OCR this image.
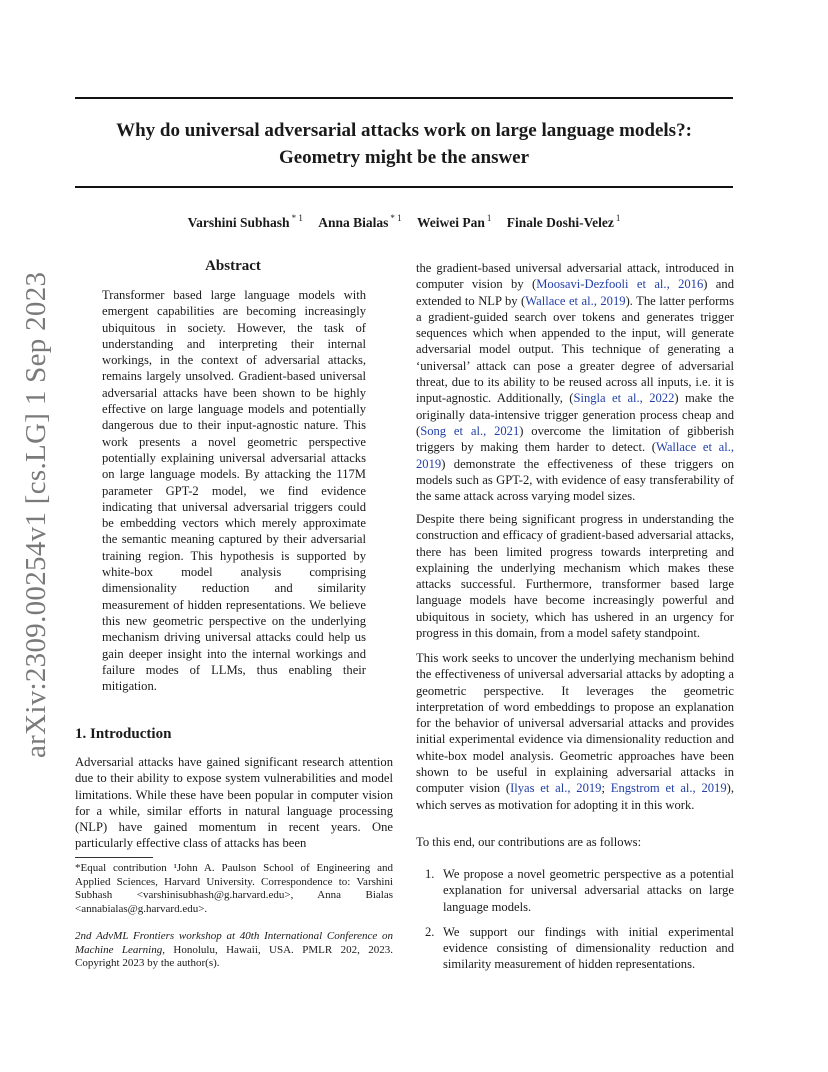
Why do universal adversarial attacks work on large language models?:
Geometry might be the answer
Varshini Subhash $^{* 1}$ Anna Bialas $^{* 1}$ Weiwei Pan $^1$ Finale Doshi-Velez $^1$
arXiv:2309.00254v1 [cs.LG] 1 Sep 2023
Abstract

Transformer based large language models with emergent capabilities are becoming increasingly ubiquitous in society. However, the task of understanding and interpreting their internal workings, in the context of adversarial attacks, remains largely unsolved. Gradient-based universal adversarial attacks have been shown to be highly effective on large language models and potentially dangerous due to their input-agnostic nature. This work presents a novel geometric perspective potentially explaining universal adversarial attacks on large language models. By attacking the 117M parameter GPT-2 model, we find evidence indicating that universal adversarial triggers could be embedding vectors which merely approximate the semantic meaning captured by their adversarial training region. This hypothesis is supported by white-box model analysis comprising dimensionality reduction and similarity measurement of hidden representations. We believe this new geometric perspective on the underlying mechanism driving universal attacks could help us gain deeper insight into the internal workings and failure modes of LLMs, thus enabling their mitigation.

1. Introduction

Adversarial attacks have gained significant research attention due to their ability to expose system vulnerabilities and model limitations. While these have been popular in computer vision for a while, similar efforts in natural language processing (NLP) have gained momentum in recent years. One particularly effective class of attacks has been

*Equal contribution ¹John A. Paulson School of Engineering and Applied Sciences, Harvard University. Correspondence to: Varshini Subhash <varshinisubhash@g.harvard.edu>, Anna Bialas <annabialas@g.harvard.edu>.

2nd AdvML Frontiers workshop at 40th International Conference on Machine Learning, Honolulu, Hawaii, USA. PMLR 202, 2023. Copyright 2023 by the author(s).

the gradient-based universal adversarial attack, introduced in computer vision by (Moosavi-Dezfooli et al., 2016) and extended to NLP by (Wallace et al., 2019). The latter performs a gradient-guided search over tokens and generates trigger sequences which when appended to the input, will generate adversarial model output. This technique of generating a ‘universal’ attack can pose a greater degree of adversarial threat, due to its ability to be reused across all inputs, i.e. it is input-agnostic. Additionally, (Singla et al., 2022) make the originally data-intensive trigger generation process cheap and (Song et al., 2021) overcome the limitation of gibberish triggers by making them harder to detect. (Wallace et al., 2019) demonstrate the effectiveness of these triggers on models such as GPT-2, with evidence of easy transferability of the same attack across varying model sizes.

Despite there being significant progress in understanding the construction and efficacy of gradient-based adversarial attacks, there has been limited progress towards interpreting and explaining the underlying mechanism which makes these attacks successful. Furthermore, transformer based large language models have become increasingly powerful and ubiquitous in society, which has ushered in an urgency for progress in this domain, from a model safety standpoint.

This work seeks to uncover the underlying mechanism behind the effectiveness of universal adversarial attacks by adopting a geometric perspective. It leverages the geometric interpretation of word embeddings to propose an explanation for the behavior of universal adversarial attacks and provides initial experimental evidence via dimensionality reduction and white-box model analysis. Geometric approaches have been shown to be useful in explaining adversarial attacks in computer vision (Ilyas et al., 2019; Engstrom et al., 2019), which serves as motivation for adopting it in this work.

To this end, our contributions are as follows:

1. We propose a novel geometric perspective as a potential explanation for universal adversarial attacks on large language models.
2. We support our findings with initial experimental evidence consisting of dimensionality reduction and similarity measurement of hidden representations.
